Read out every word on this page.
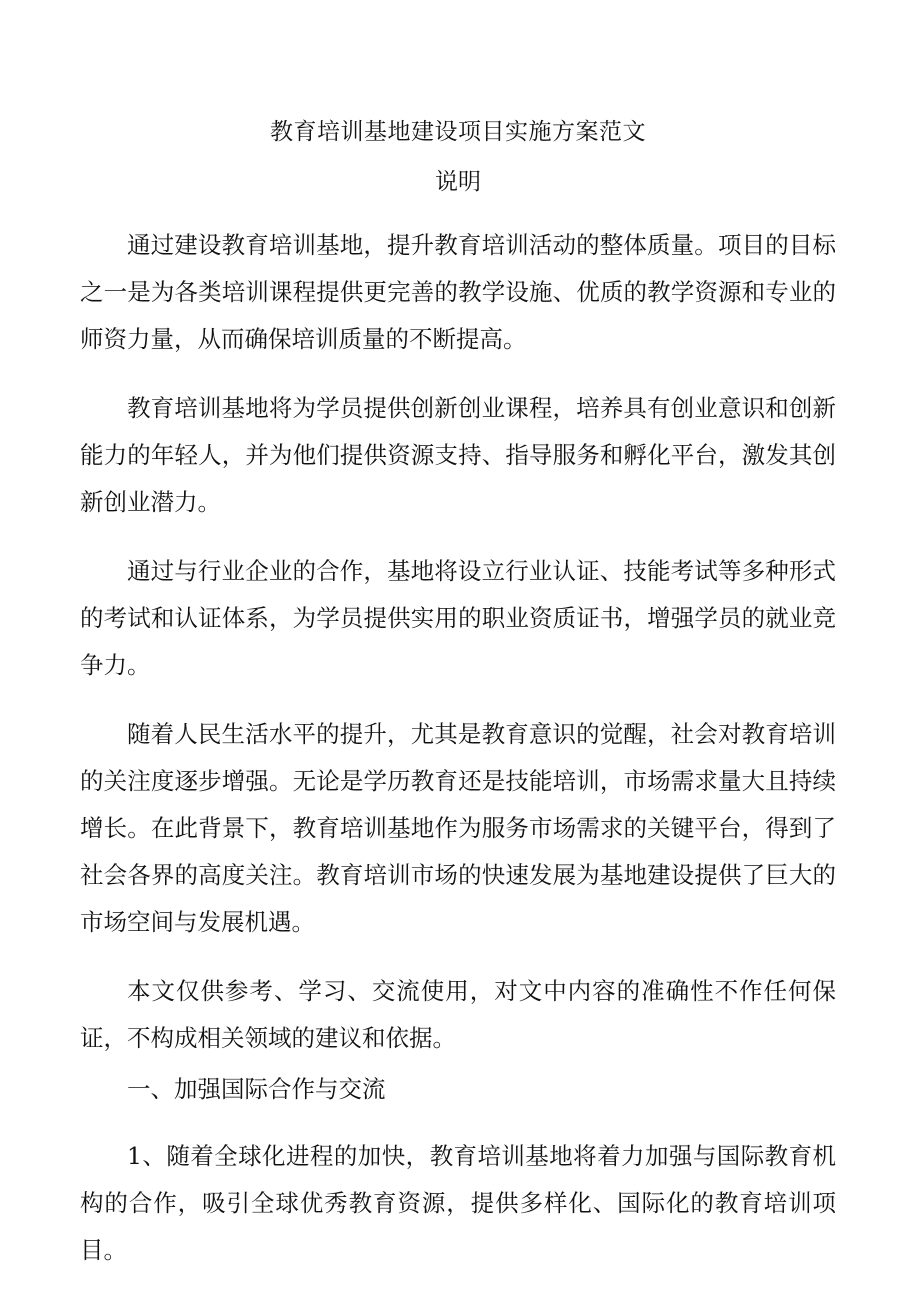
教育培训基地建设项目实施方案范文
说明

通过建设教育培训基地，提升教育培训活动的整体质量。项目的目标之一是为各类培训课程提供更完善的教学设施、优质的教学资源和专业的师资力量，从而确保培训质量的不断提高。

教育培训基地将为学员提供创新创业课程，培养具有创业意识和创新能力的年轻人，并为他们提供资源支持、指导服务和孵化平台，激发其创新创业潜力。

通过与行业企业的合作，基地将设立行业认证、技能考试等多种形式的考试和认证体系，为学员提供实用的职业资质证书，增强学员的就业竞争力。

随着人民生活水平的提升，尤其是教育意识的觉醒，社会对教育培训的关注度逐步增强。无论是学历教育还是技能培训，市场需求量大且持续增长。在此背景下，教育培训基地作为服务市场需求的关键平台，得到了社会各界的高度关注。教育培训市场的快速发展为基地建设提供了巨大的市场空间与发展机遇。

本文仅供参考、学习、交流使用，对文中内容的准确性不作任何保证，不构成相关领域的建议和依据。

一、加强国际合作与交流

1、随着全球化进程的加快，教育培训基地将着力加强与国际教育机构的合作，吸引全球优秀教育资源，提供多样化、国际化的教育培训项目。
